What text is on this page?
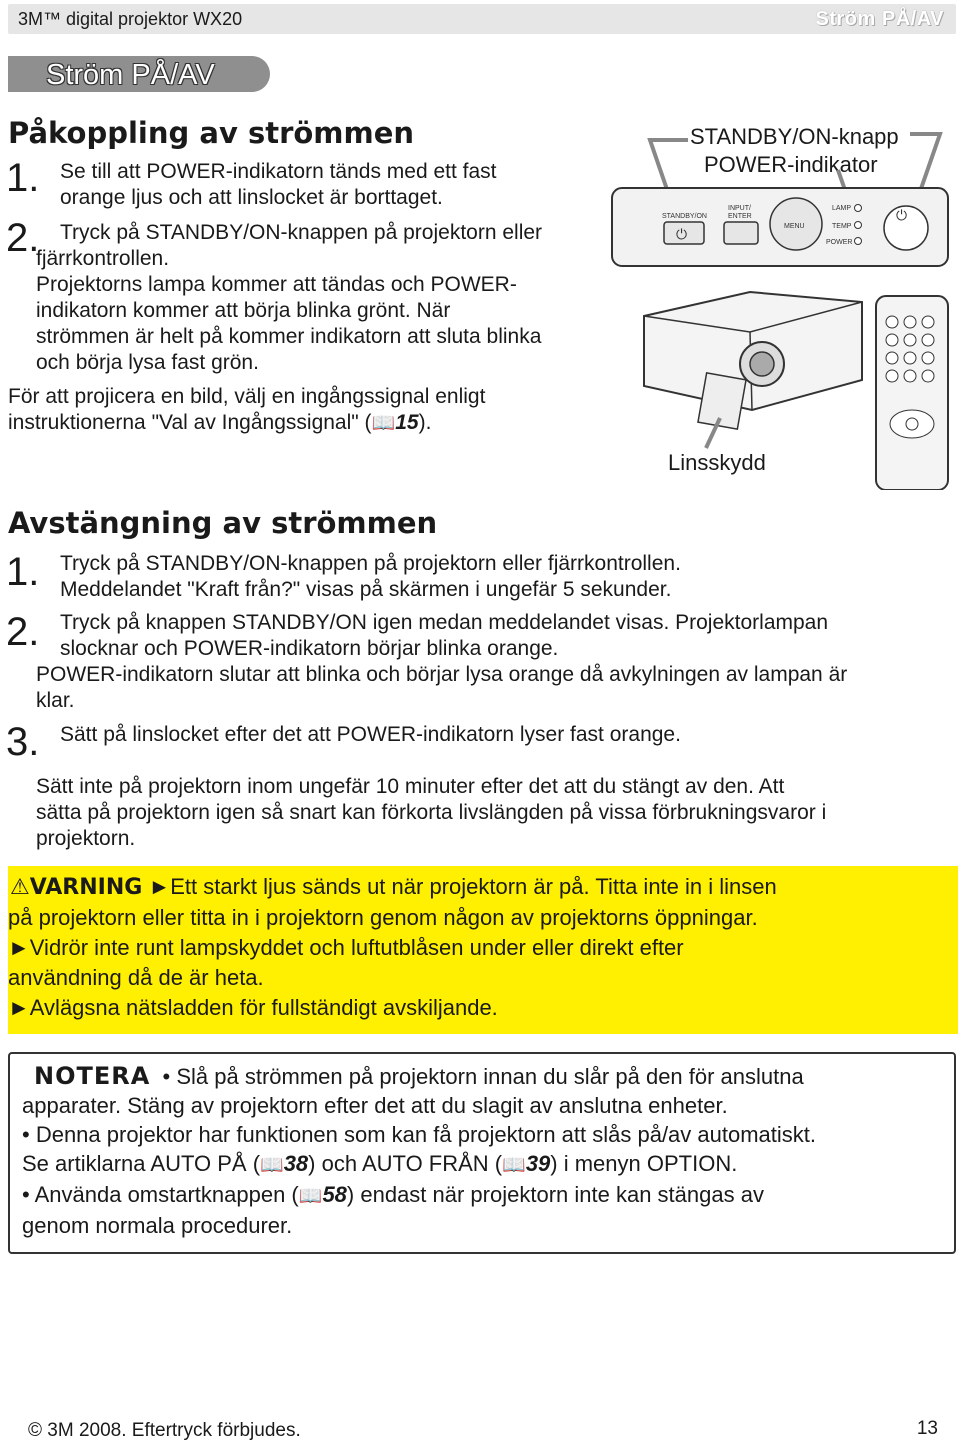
3M™ digital projektor WX20	Ström PÅ/AV
Ström PÅ/AV
Påkoppling av strömmen
1. Se till att POWER-indikatorn tänds med ett fast
orange ljus och att linslocket är borttaget.
2. Tryck på STANDBY/ON-knappen på projektorn eller
fjärrkontrollen.
Projektorns lampa kommer att tändas och POWER-
indikatorn kommer att börja blinka grönt. När
strömmen är helt på kommer indikatorn att sluta blinka
och börja lysa fast grön.
För att projicera en bild, välj en ingångssignal enligt
instruktionerna "Val av Ingångssignal" (📖15).
STANDBY/ON-knapp
POWER-indikator
Linsskydd
STANDBY/ON
⏻
INPUT/
ENTER
MENU
LAMP
TEMP
POWER
⏻
Avstängning av strömmen
1. Tryck på STANDBY/ON-knappen på projektorn eller fjärrkontrollen.
Meddelandet "Kraft från?" visas på skärmen i ungefär 5 sekunder.
2. Tryck på knappen STANDBY/ON igen medan meddelandet visas. Projektorlampan
slocknar och POWER-indikatorn börjar blinka orange.
POWER-indikatorn slutar att blinka och börjar lysa orange då avkylningen av lampan är
klar.
3. Sätt på linslocket efter det att POWER-indikatorn lyser fast orange.
Sätt inte på projektorn inom ungefär 10 minuter efter det att du stängt av den. Att
sätta på projektorn igen så snart kan förkorta livslängden på vissa förbrukningsvaror i
projektorn.
⚠VARNING ►Ett starkt ljus sänds ut när projektorn är på. Titta inte in i linsen
på projektorn eller titta in i projektorn genom någon av projektorns öppningar.
►Vidrör inte runt lampskyddet och luftutblåsen under eller direkt efter
användning då de är heta.
►Avlägsna nätsladden för fullständigt avskiljande.
NOTERA • Slå på strömmen på projektorn innan du slår på den för anslutna
apparater. Stäng av projektorn efter det att du slagit av anslutna enheter.
• Denna projektor har funktionen som kan få projektorn att slås på/av automatiskt.
Se artiklarna AUTO PÅ (📖38) och AUTO FRÅN (📖39) i menyn OPTION.
• Använda omstartknappen (📖58) endast när projektorn inte kan stängas av
genom normala procedurer.
© 3M 2008. Eftertryck förbjudes.	13
